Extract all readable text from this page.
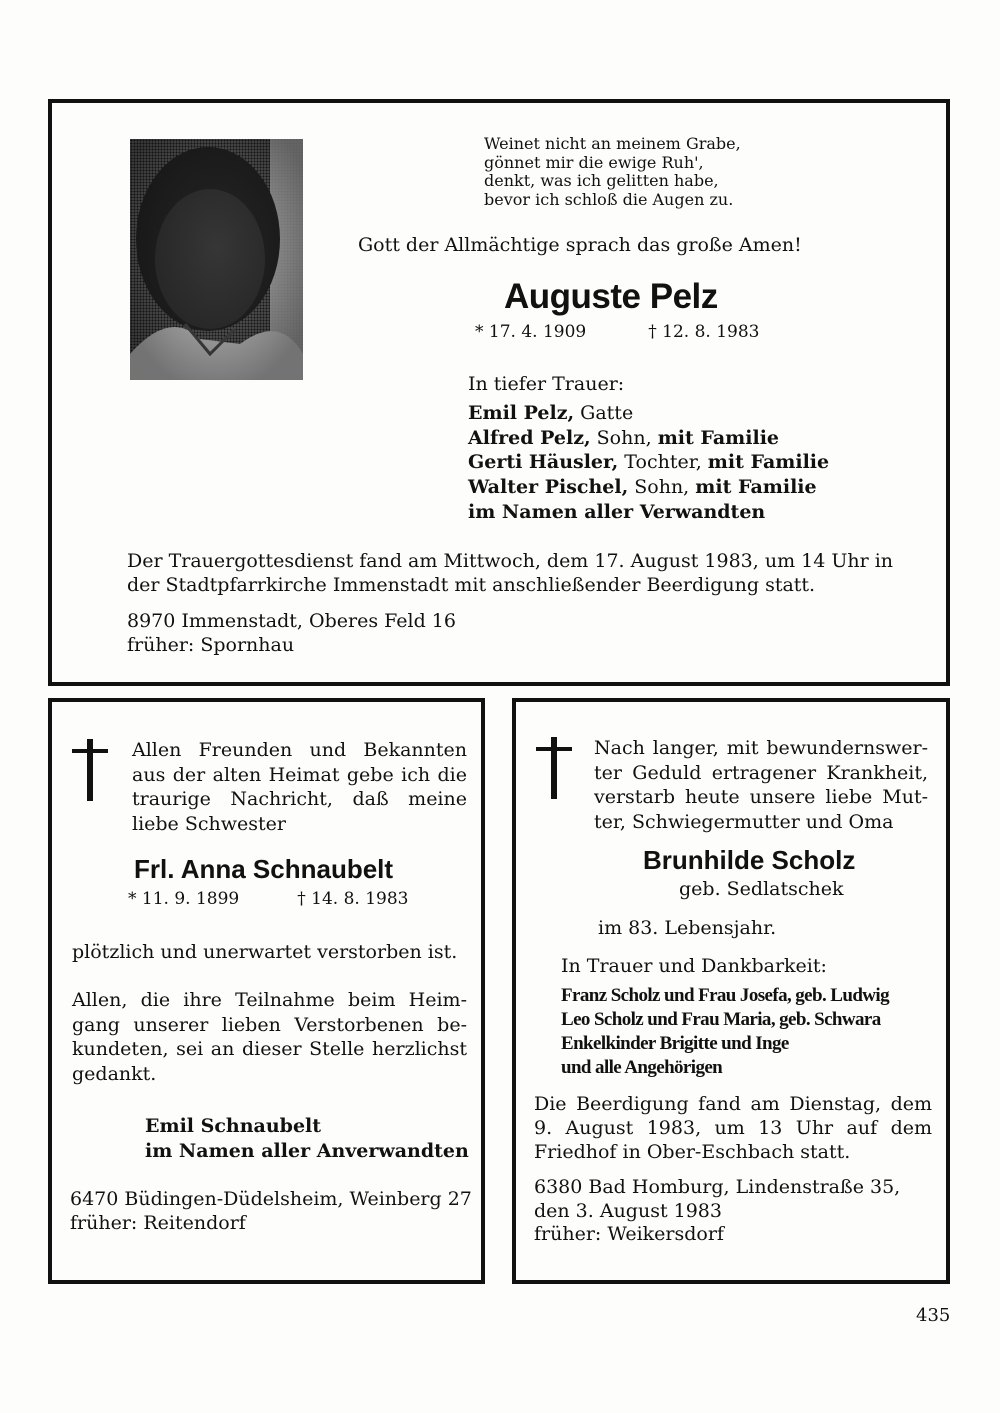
Weinet nicht an meinem Grabe,
gönnet mir die ewige Ruh',
denkt, was ich gelitten habe,
bevor ich schloß die Augen zu.
Gott der Allmächtige sprach das große Amen!
Auguste Pelz
* 17. 4. 1909	† 12. 8. 1983
In tiefer Trauer:
Emil Pelz, Gatte
Alfred Pelz, Sohn, mit Familie
Gerti Häusler, Tochter, mit Familie
Walter Pischel, Sohn, mit Familie
im Namen aller Verwandten
Der Trauergottesdienst fand am Mittwoch, dem 17. August 1983, um 14 Uhr in
der Stadtpfarrkirche Immenstadt mit anschließender Beerdigung statt.
8970 Immenstadt, Oberes Feld 16
früher: Spornhau
Allen Freunden und Bekannten
aus der alten Heimat gebe ich die
traurige Nachricht, daß meine
liebe Schwester
Frl. Anna Schnaubelt
* 11. 9. 1899	† 14. 8. 1983
plötzlich und unerwartet verstorben ist.
Allen, die ihre Teilnahme beim Heim-
gang unserer lieben Verstorbenen be-
kundeten, sei an dieser Stelle herzlichst
gedankt.
Emil Schnaubelt
im Namen aller Anverwandten
6470 Büdingen-Düdelsheim, Weinberg 27
früher: Reitendorf
Nach langer, mit bewundernswer-
ter Geduld ertragener Krankheit,
verstarb heute unsere liebe Mut-
ter, Schwiegermutter und Oma
Brunhilde Scholz
geb. Sedlatschek
im 83. Lebensjahr.
In Trauer und Dankbarkeit:
Franz Scholz und Frau Josefa, geb. Ludwig
Leo Scholz und Frau Maria, geb. Schwara
Enkelkinder Brigitte und Inge
und alle Angehörigen
Die Beerdigung fand am Dienstag, dem
9. August 1983, um 13 Uhr auf dem
Friedhof in Ober-Eschbach statt.
6380 Bad Homburg, Lindenstraße 35,
den 3. August 1983
früher: Weikersdorf
435
